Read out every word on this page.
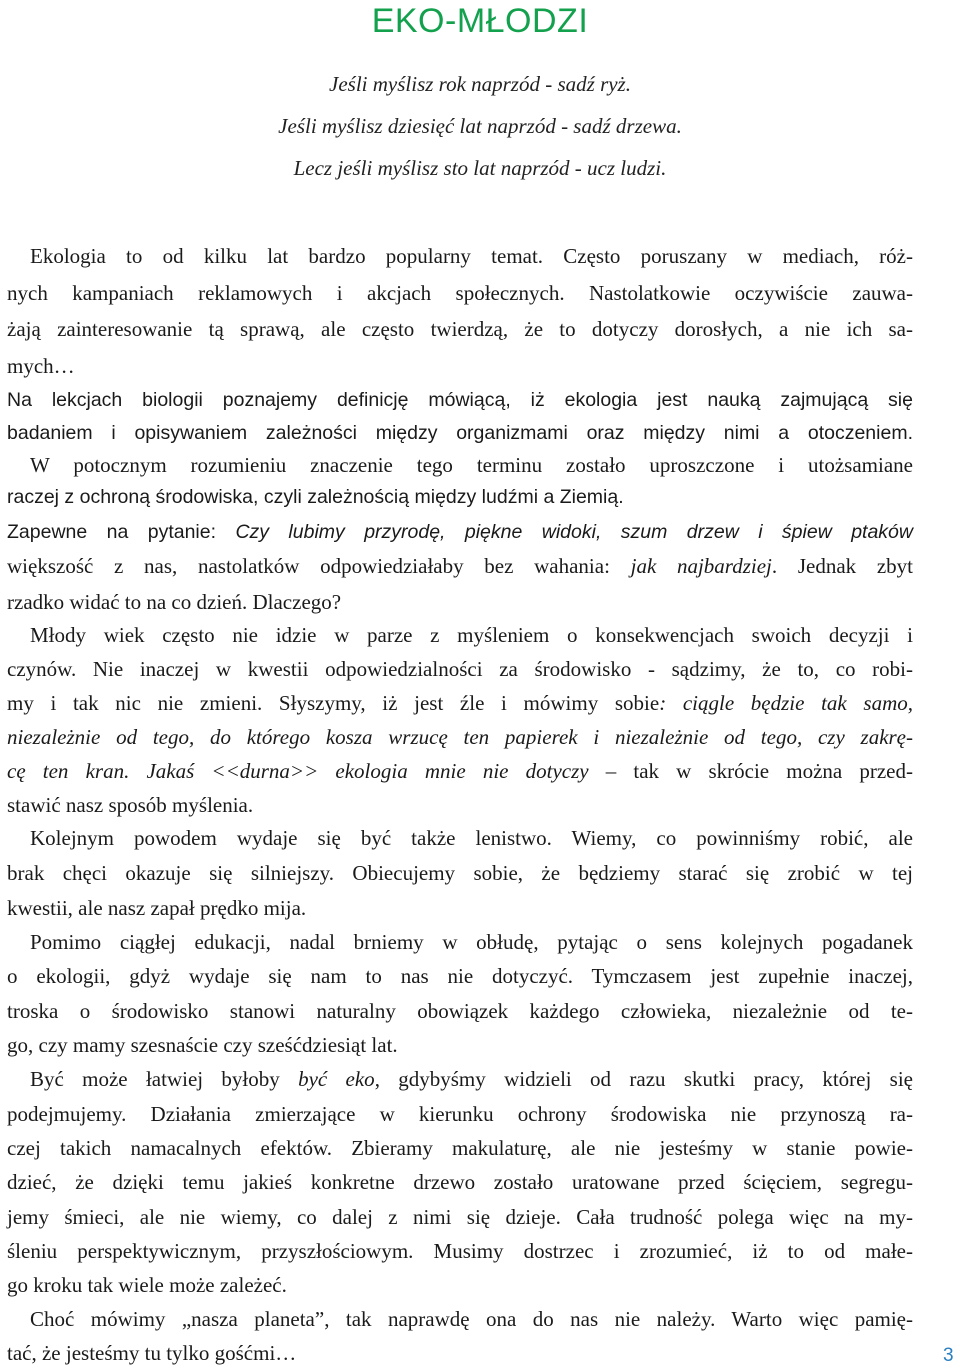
EKO-MŁODZI
Jeśli myślisz rok naprzód - sadź ryż.
Jeśli myślisz dziesięć lat naprzód - sadź drzewa.
Lecz jeśli myślisz sto lat naprzód - ucz ludzi.
Ekologia to od kilku lat bardzo popularny temat. Często poruszany w mediach, róż-
nych kampaniach reklamowych i akcjach społecznych. Nastolatkowie oczywiście zauwa-
żają zainteresowanie tą sprawą, ale często twierdzą, że to dotyczy dorosłych, a nie ich sa-
mych…
Na lekcjach biologii poznajemy definicję mówiącą, iż ekologia jest nauką zajmującą się
badaniem i opisywaniem zależności między organizmami oraz między nimi a otoczeniem.
W potocznym rozumieniu znaczenie tego terminu zostało uproszczone i utożsamiane
raczej z ochroną środowiska, czyli zależnością między ludźmi a Ziemią.
Zapewne na pytanie: Czy lubimy przyrodę, piękne widoki, szum drzew i śpiew ptaków
większość z nas, nastolatków odpowiedziałaby bez wahania: jak najbardziej. Jednak zbyt
rzadko widać to na co dzień. Dlaczego?
Młody wiek często nie idzie w parze z myśleniem o konsekwencjach swoich decyzji i
czynów. Nie inaczej w kwestii odpowiedzialności za środowisko - sądzimy, że to, co robi-
my i tak nic nie zmieni. Słyszymy, iż jest źle i mówimy sobie: ciągle będzie tak samo,
niezależnie od tego, do którego kosza wrzucę ten papierek i niezależnie od tego, czy zakrę-
cę ten kran. Jakaś <<durna>> ekologia mnie nie dotyczy – tak w skrócie można przed-
stawić nasz sposób myślenia.
Kolejnym powodem wydaje się być także lenistwo. Wiemy, co powinniśmy robić, ale
brak chęci okazuje się silniejszy. Obiecujemy sobie, że będziemy starać się zrobić w tej
kwestii, ale nasz zapał prędko mija.
Pomimo ciągłej edukacji, nadal brniemy w obłudę, pytając o sens kolejnych pogadanek
o ekologii, gdyż wydaje się nam to nas nie dotyczyć. Tymczasem jest zupełnie inaczej,
troska o środowisko stanowi naturalny obowiązek każdego człowieka, niezależnie od te-
go, czy mamy szesnaście czy sześćdziesiąt lat.
Być może łatwiej byłoby być eko, gdybyśmy widzieli od razu skutki pracy, której się
podejmujemy. Działania zmierzające w kierunku ochrony środowiska nie przynoszą ra-
czej takich namacalnych efektów. Zbieramy makulaturę, ale nie jesteśmy w stanie powie-
dzieć, że dzięki temu jakieś konkretne drzewo zostało uratowane przed ścięciem, segregu-
jemy śmieci, ale nie wiemy, co dalej z nimi się dzieje. Cała trudność polega więc na my-
śleniu perspektywicznym, przyszłościowym. Musimy dostrzec i zrozumieć, iż to od małe-
go kroku tak wiele może zależeć.
Choć mówimy „nasza planeta”, tak naprawdę ona do nas nie należy. Warto więc pamię-
tać, że jesteśmy tu tylko gośćmi…	3
